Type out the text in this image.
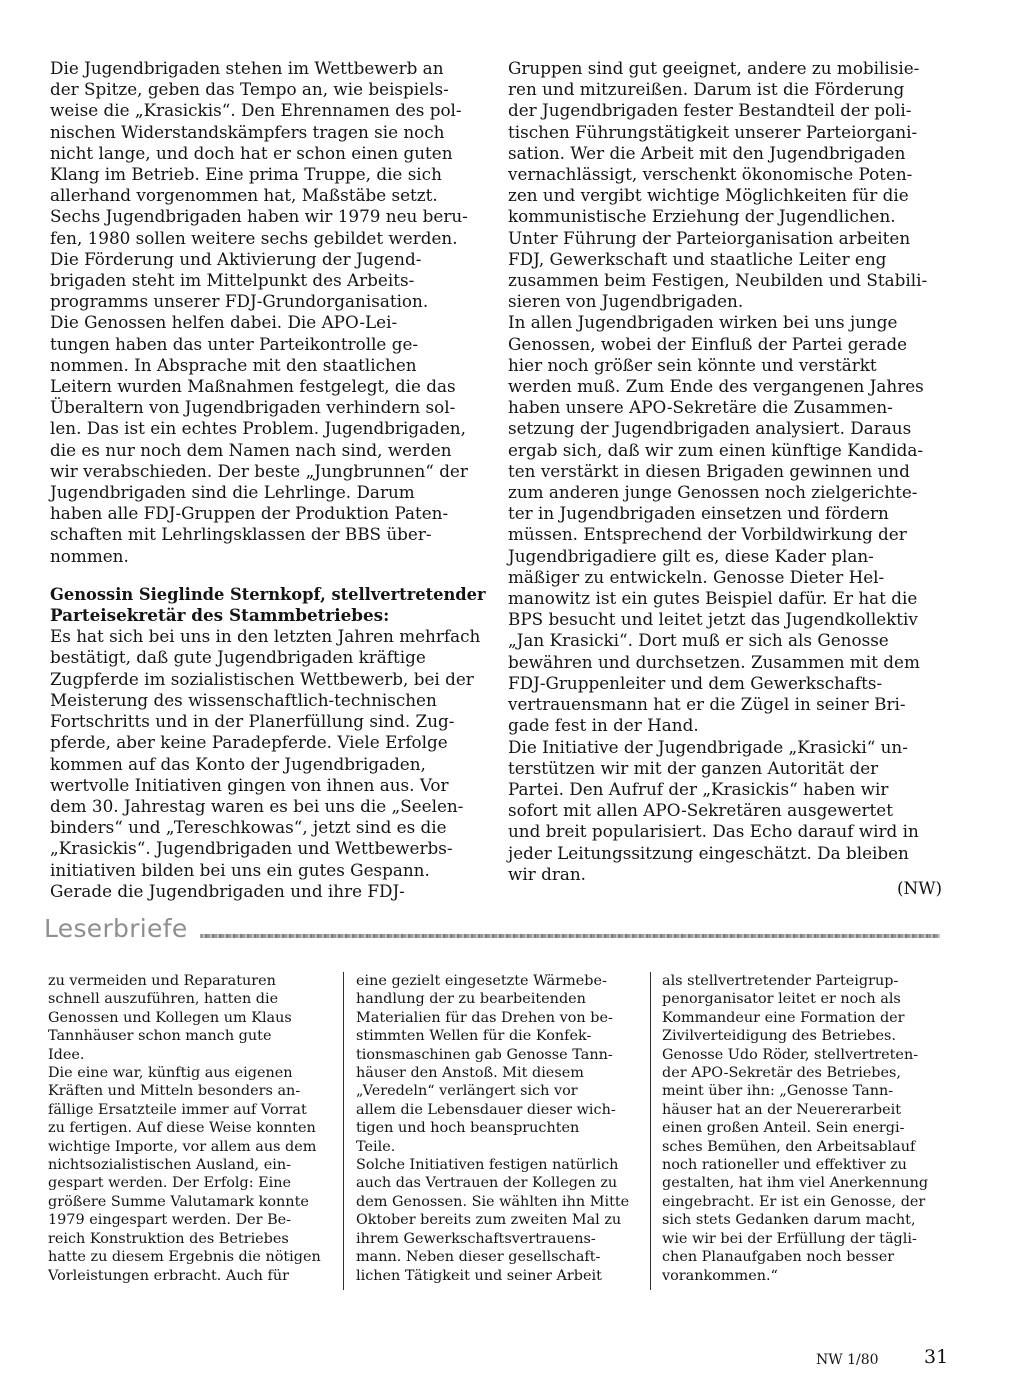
Die Jugendbrigaden stehen im Wettbewerb an
der Spitze, geben das Tempo an, wie beispiels-
weise die „Krasickis“. Den Ehrennamen des pol-
nischen Widerstandskämpfers tragen sie noch
nicht lange, und doch hat er schon einen guten
Klang im Betrieb. Eine prima Truppe, die sich
allerhand vorgenommen hat, Maßstäbe setzt.
Sechs Jugendbrigaden haben wir 1979 neu beru-
fen, 1980 sollen weitere sechs gebildet werden.
Die Förderung und Aktivierung der Jugend-
brigaden steht im Mittelpunkt des Arbeits-
programms unserer FDJ-Grundorganisation.
Die Genossen helfen dabei. Die APO-Lei-
tungen haben das unter Parteikontrolle ge-
nommen. In Absprache mit den staatlichen
Leitern wurden Maßnahmen festgelegt, die das
Überaltern von Jugendbrigaden verhindern sol-
len. Das ist ein echtes Problem. Jugendbrigaden,
die es nur noch dem Namen nach sind, werden
wir verabschieden. Der beste „Jungbrunnen“ der
Jugendbrigaden sind die Lehrlinge. Darum
haben alle FDJ-Gruppen der Produktion Paten-
schaften mit Lehrlingsklassen der BBS über-
nommen.
Genossin Sieglinde Sternkopf, stellvertretender
Parteisekretär des Stammbetriebes:
Es hat sich bei uns in den letzten Jahren mehrfach
bestätigt, daß gute Jugendbrigaden kräftige
Zugpferde im sozialistischen Wettbewerb, bei der
Meisterung des wissenschaftlich-technischen
Fortschritts und in der Planerfüllung sind. Zug-
pferde, aber keine Paradepferde. Viele Erfolge
kommen auf das Konto der Jugendbrigaden,
wertvolle Initiativen gingen von ihnen aus. Vor
dem 30. Jahrestag waren es bei uns die „Seelen-
binders“ und „Tereschkowas“, jetzt sind es die
„Krasickis“. Jugendbrigaden und Wettbewerbs-
initiativen bilden bei uns ein gutes Gespann.
Gerade die Jugendbrigaden und ihre FDJ-
Gruppen sind gut geeignet, andere zu mobilisie-
ren und mitzureißen. Darum ist die Förderung
der Jugendbrigaden fester Bestandteil der poli-
tischen Führungstätigkeit unserer Parteiorgani-
sation. Wer die Arbeit mit den Jugendbrigaden
vernachlässigt, verschenkt ökonomische Poten-
zen und vergibt wichtige Möglichkeiten für die
kommunistische Erziehung der Jugendlichen.
Unter Führung der Parteiorganisation arbeiten
FDJ, Gewerkschaft und staatliche Leiter eng
zusammen beim Festigen, Neubilden und Stabili-
sieren von Jugendbrigaden.
In allen Jugendbrigaden wirken bei uns junge
Genossen, wobei der Einfluß der Partei gerade
hier noch größer sein könnte und verstärkt
werden muß. Zum Ende des vergangenen Jahres
haben unsere APO-Sekretäre die Zusammen-
setzung der Jugendbrigaden analysiert. Daraus
ergab sich, daß wir zum einen künftige Kandida-
ten verstärkt in diesen Brigaden gewinnen und
zum anderen junge Genossen noch zielgerichte-
ter in Jugendbrigaden einsetzen und fördern
müssen. Entsprechend der Vorbildwirkung der
Jugendbrigadiere gilt es, diese Kader plan-
mäßiger zu entwickeln. Genosse Dieter Hel-
manowitz ist ein gutes Beispiel dafür. Er hat die
BPS besucht und leitet jetzt das Jugendkollektiv
„Jan Krasicki“. Dort muß er sich als Genosse
bewähren und durchsetzen. Zusammen mit dem
FDJ-Gruppenleiter und dem Gewerkschafts-
vertrauensmann hat er die Zügel in seiner Bri-
gade fest in der Hand.
Die Initiative der Jugendbrigade „Krasicki“ un-
terstützen wir mit der ganzen Autorität der
Partei. Den Aufruf der „Krasickis“ haben wir
sofort mit allen APO-Sekretären ausgewertet
und breit popularisiert. Das Echo darauf wird in
jeder Leitungssitzung eingeschätzt. Da bleiben
wir dran.
(NW)
Leserbriefe
zu vermeiden und Reparaturen
schnell auszuführen, hatten die
Genossen und Kollegen um Klaus
Tannhäuser schon manch gute
Idee.
Die eine war, künftig aus eigenen
Kräften und Mitteln besonders an-
fällige Ersatzteile immer auf Vorrat
zu fertigen. Auf diese Weise konnten
wichtige Importe, vor allem aus dem
nichtsozialistischen Ausland, ein-
gespart werden. Der Erfolg: Eine
größere Summe Valutamark konnte
1979 eingespart werden. Der Be-
reich Konstruktion des Betriebes
hatte zu diesem Ergebnis die nötigen
Vorleistungen erbracht. Auch für
eine gezielt eingesetzte Wärmebe-
handlung der zu bearbeitenden
Materialien für das Drehen von be-
stimmten Wellen für die Konfek-
tionsmaschinen gab Genosse Tann-
häuser den Anstoß. Mit diesem
„Veredeln“ verlängert sich vor
allem die Lebensdauer dieser wich-
tigen und hoch beanspruchten
Teile.
Solche Initiativen festigen natürlich
auch das Vertrauen der Kollegen zu
dem Genossen. Sie wählten ihn Mitte
Oktober bereits zum zweiten Mal zu
ihrem Gewerkschaftsvertrauens-
mann. Neben dieser gesellschaft-
lichen Tätigkeit und seiner Arbeit
als stellvertretender Parteigrup-
penorganisator leitet er noch als
Kommandeur eine Formation der
Zivilverteidigung des Betriebes.
Genosse Udo Röder, stellvertreten-
der APO-Sekretär des Betriebes,
meint über ihn: „Genosse Tann-
häuser hat an der Neuererarbeit
einen großen Anteil. Sein energi-
sches Bemühen, den Arbeitsablauf
noch rationeller und effektiver zu
gestalten, hat ihm viel Anerkennung
eingebracht. Er ist ein Genosse, der
sich stets Gedanken darum macht,
wie wir bei der Erfüllung der tägli-
chen Planaufgaben noch besser
vorankommen.“
NW 1/80 31
